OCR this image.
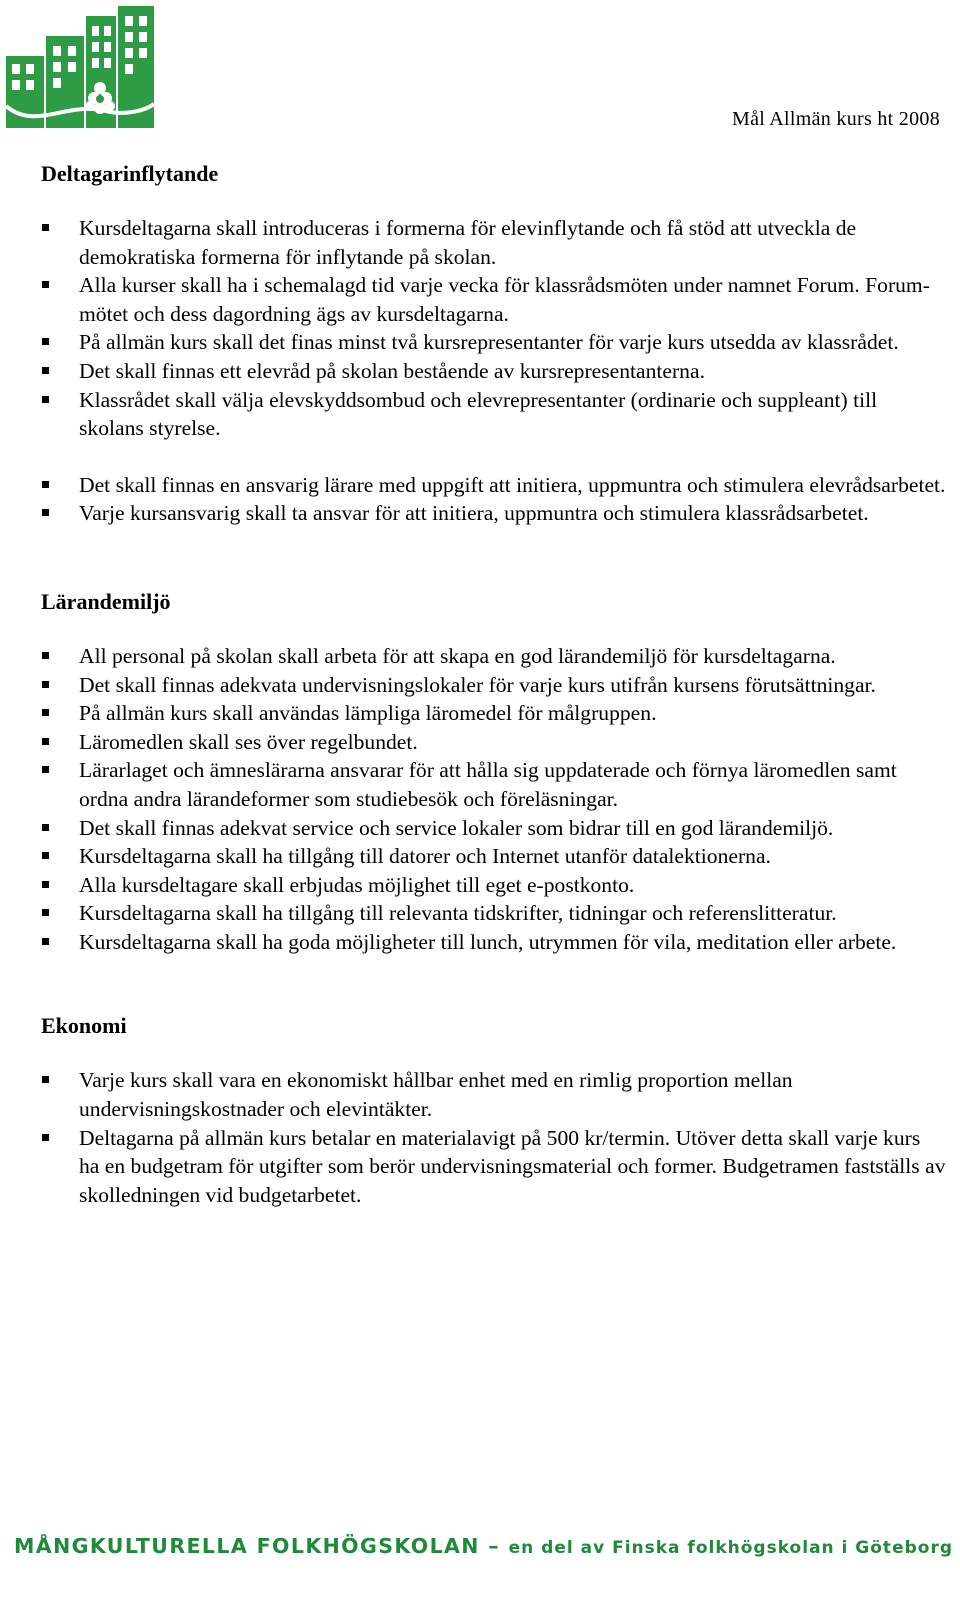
Mål Allmän kurs ht 2008
Deltagarinflytande
Kursdeltagarna skall introduceras i formerna för elevinflytande och få stöd att utveckla de demokratiska formerna för inflytande på skolan.
Alla kurser skall ha i schemalagd tid varje vecka för klassrådsmöten under namnet Forum. Forum-mötet och dess dagordning ägs av kursdeltagarna.
På allmän kurs skall det finas minst två kursrepresentanter för varje kurs utsedda av klassrådet.
Det skall finnas ett elevråd på skolan bestående av kursrepresentanterna.
Klassrådet skall välja elevskyddsombud och elevrepresentanter (ordinarie och suppleant) till skolans styrelse.
Det skall finnas en ansvarig lärare med uppgift att initiera, uppmuntra och stimulera elevrådsarbetet.
Varje kursansvarig skall ta ansvar för att initiera, uppmuntra och stimulera klassrådsarbetet.
Lärandemiljö
All personal på skolan skall arbeta för att skapa en god lärandemiljö för kursdeltagarna.
Det skall finnas adekvata undervisningslokaler för varje kurs utifrån kursens förutsättningar.
På allmän kurs skall användas lämpliga läromedel för målgruppen.
Läromedlen skall ses över regelbundet.
Lärarlaget och ämneslärarna ansvarar för att hålla sig uppdaterade och förnya läromedlen samt ordna andra lärandeformer som studiebesök och föreläsningar.
Det skall finnas adekvat service och service lokaler som bidrar till en god lärandemiljö.
Kursdeltagarna skall ha tillgång till datorer och Internet utanför datalektionerna.
Alla kursdeltagare skall erbjudas möjlighet till eget e-postkonto.
Kursdeltagarna skall ha tillgång till relevanta tidskrifter, tidningar och referenslitteratur.
Kursdeltagarna skall ha goda möjligheter till lunch, utrymmen för vila, meditation eller arbete.
Ekonomi
Varje kurs skall vara en ekonomiskt hållbar enhet med en rimlig proportion mellan undervisningskostnader och elevintäkter.
Deltagarna på allmän kurs betalar en materialavigt på 500 kr/termin. Utöver detta skall varje kurs ha en budgetram för utgifter som berör undervisningsmaterial och former. Budgetramen fastställs av skolledningen vid budgetarbetet.
MÅNGKULTURELLA FOLKHÖGSKOLAN – en del av Finska folkhögskolan i Göteborg
